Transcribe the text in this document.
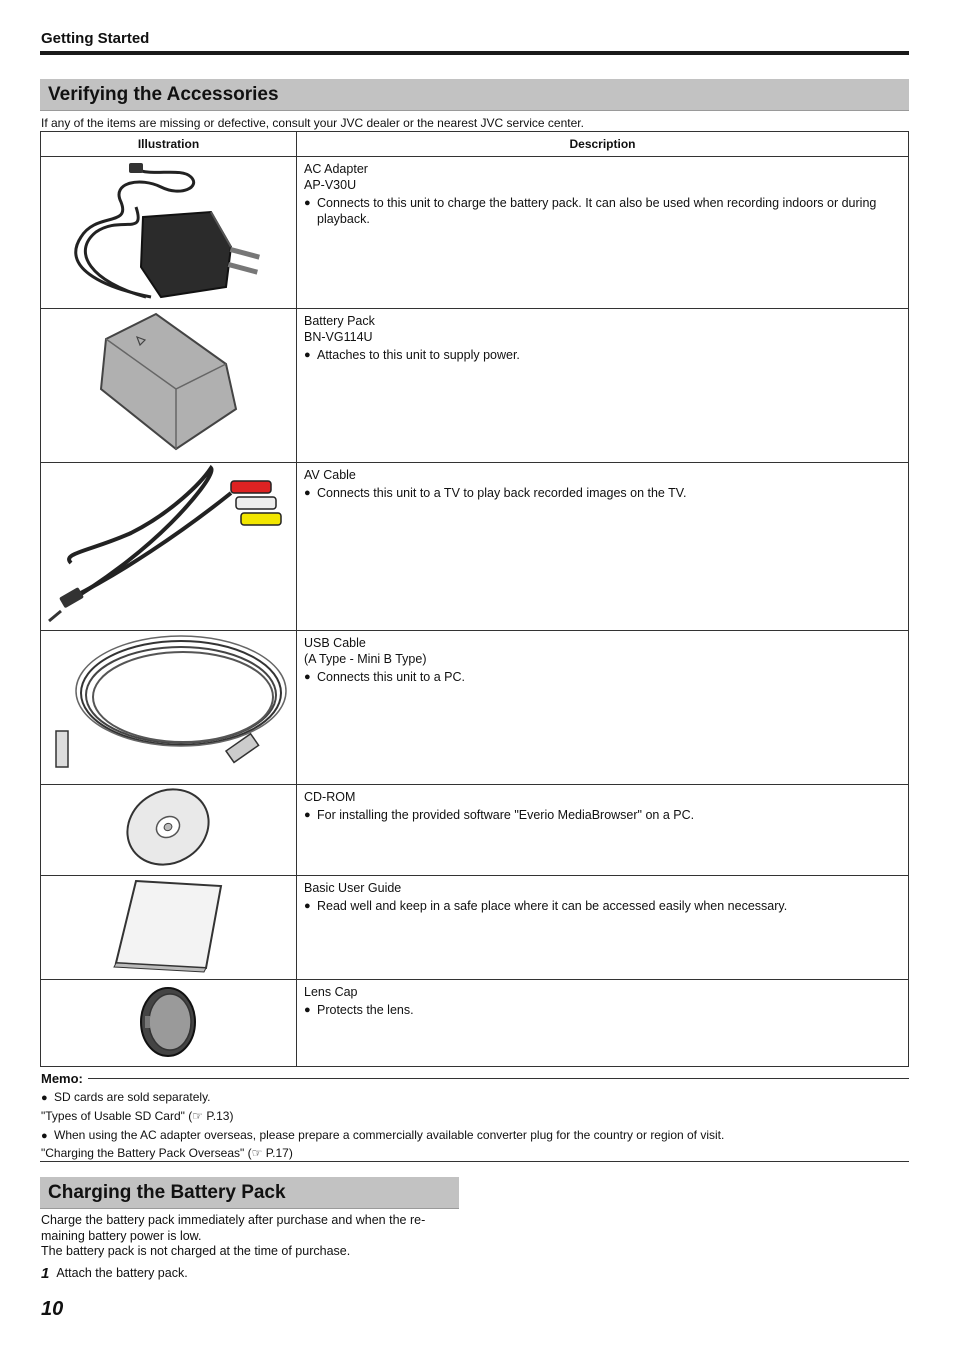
Getting Started
Verifying the Accessories
If any of the items are missing or defective, consult your JVC dealer or the nearest JVC service center.
Illustration	Description

AC Adapter
AP-V30U
● Connects to this unit to charge the battery pack. It can also be used when recording indoors or during playback.

Battery Pack
BN-VG114U
● Attaches to this unit to supply power.

AV Cable
● Connects this unit to a TV to play back recorded images on the TV.

USB Cable
(A Type - Mini B Type)
● Connects this unit to a PC.

CD-ROM
● For installing the provided software "Everio MediaBrowser" on a PC.

Basic User Guide
● Read well and keep in a safe place where it can be accessed easily when necessary.

Lens Cap
● Protects the lens.
Memo:
● SD cards are sold separately.
"Types of Usable SD Card" (☞ P.13)
● When using the AC adapter overseas, please prepare a commercially available converter plug for the country or region of visit.
"Charging the Battery Pack Overseas" (☞ P.17)
Charging the Battery Pack
Charge the battery pack immediately after purchase and when the re-
maining battery power is low.
The battery pack is not charged at the time of purchase.
1 Attach the battery pack.
10
